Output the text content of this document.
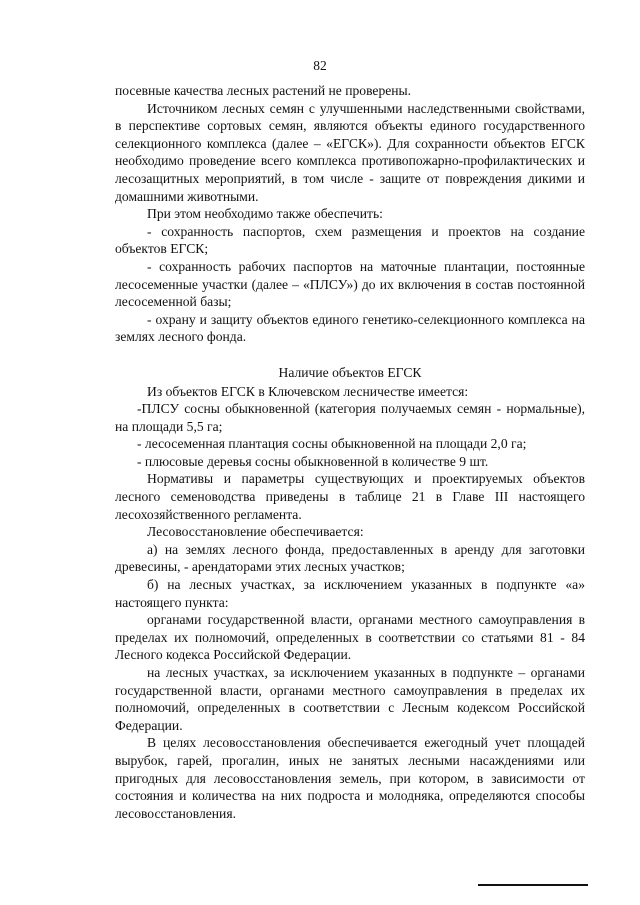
82

посевные качества лесных растений не проверены.

Источником лесных семян с улучшенными наследственными свойствами, в перспективе сортовых семян, являются объекты единого государственного селекционного комплекса (далее – «ЕГСК»). Для сохранности объектов ЕГСК необходимо проведение всего комплекса противопожарно-профилактических и лесозащитных мероприятий, в том числе - защите от повреждения дикими и домашними животными.

При этом необходимо также обеспечить:

- сохранность паспортов, схем размещения и проектов на создание объектов ЕГСК;

- сохранность рабочих паспортов на маточные плантации, постоянные лесосеменные участки (далее – «ПЛСУ») до их включения в состав постоянной лесосеменной базы;

- охрану и защиту объектов единого генетико-селекционного комплекса на землях лесного фонда.

Наличие объектов ЕГСК

Из объектов ЕГСК в Ключевском лесничестве имеется:

-ПЛСУ сосны обыкновенной (категория получаемых семян - нормальные), на площади 5,5 га;

- лесосеменная плантация сосны обыкновенной на площади 2,0 га;

- плюсовые деревья сосны обыкновенной в количестве 9 шт.

Нормативы и параметры существующих и проектируемых объектов лесного семеноводства приведены в таблице 21 в Главе III настоящего лесохозяйственного регламента.

Лесовосстановление обеспечивается:

а) на землях лесного фонда, предоставленных в аренду для заготовки древесины, - арендаторами этих лесных участков;

б) на лесных участках, за исключением указанных в подпункте «а» настоящего пункта:

органами государственной власти, органами местного самоуправления в пределах их полномочий, определенных в соответствии со статьями 81 - 84 Лесного кодекса Российской Федерации.

на лесных участках, за исключением указанных в подпункте – органами государственной власти, органами местного самоуправления в пределах их полномочий, определенных в соответствии с Лесным кодексом Российской Федерации.

В целях лесовосстановления обеспечивается ежегодный учет площадей вырубок, гарей, прогалин, иных не занятых лесными насаждениями или пригодных для лесовосстановления земель, при котором, в зависимости от состояния и количества на них подроста и молодняка, определяются способы лесовосстановления.
